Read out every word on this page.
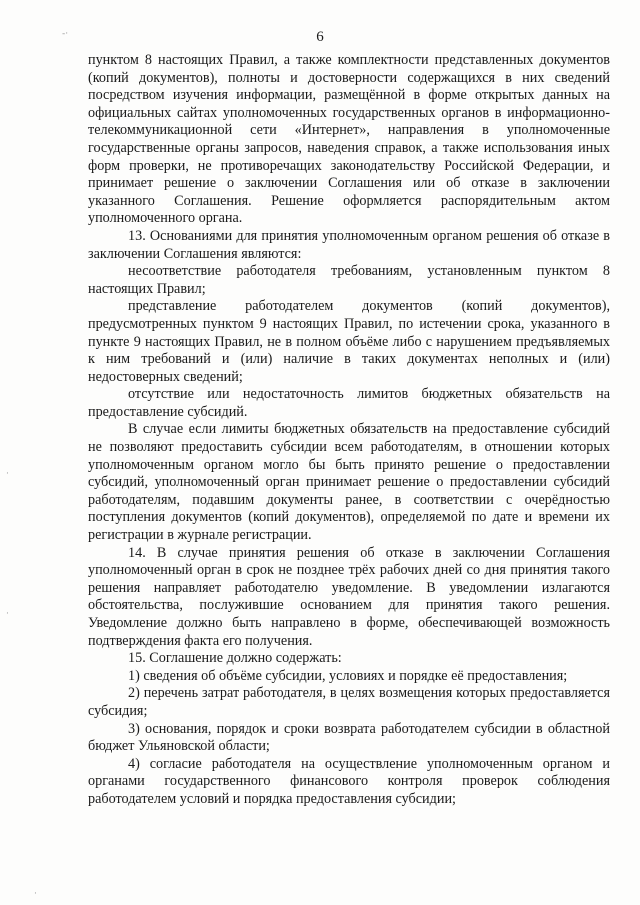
6

пунктом 8 настоящих Правил, а также комплектности представленных документов (копий документов), полноты и достоверности содержащихся в них сведений посредством изучения информации, размещённой в форме открытых данных на официальных сайтах уполномоченных государственных органов в информационно-телекоммуникационной сети «Интернет», направления в уполномоченные государственные органы запросов, наведения справок, а также использования иных форм проверки, не противоречащих законодательству Российской Федерации, и принимает решение о заключении Соглашения или об отказе в заключении указанного Соглашения. Решение оформляется распорядительным актом уполномоченного органа.

13. Основаниями для принятия уполномоченным органом решения об отказе в заключении Соглашения являются:

несоответствие работодателя требованиям, установленным пунктом 8 настоящих Правил;

представление работодателем документов (копий документов), предусмотренных пунктом 9 настоящих Правил, по истечении срока, указанного в пункте 9 настоящих Правил, не в полном объёме либо с нарушением предъявляемых к ним требований и (или) наличие в таких документах неполных и (или) недостоверных сведений;

отсутствие или недостаточность лимитов бюджетных обязательств на предоставление субсидий.

В случае если лимиты бюджетных обязательств на предоставление субсидий не позволяют предоставить субсидии всем работодателям, в отношении которых уполномоченным органом могло бы быть принято решение о предоставлении субсидий, уполномоченный орган принимает решение о предоставлении субсидий работодателям, подавшим документы ранее, в соответствии с очерёдностью поступления документов (копий документов), определяемой по дате и времени их регистрации в журнале регистрации.

14. В случае принятия решения об отказе в заключении Соглашения уполномоченный орган в срок не позднее трёх рабочих дней со дня принятия такого решения направляет работодателю уведомление. В уведомлении излагаются обстоятельства, послужившие основанием для принятия такого решения. Уведомление должно быть направлено в форме, обеспечивающей возможность подтверждения факта его получения.

15. Соглашение должно содержать:

1) сведения об объёме субсидии, условиях и порядке её предоставления;

2) перечень затрат работодателя, в целях возмещения которых предоставляется субсидия;

3) основания, порядок и сроки возврата работодателем субсидии в областной бюджет Ульяновской области;

4) согласие работодателя на осуществление уполномоченным органом и органами государственного финансового контроля проверок соблюдения работодателем условий и порядка предоставления субсидии;

-·
·
·
·
